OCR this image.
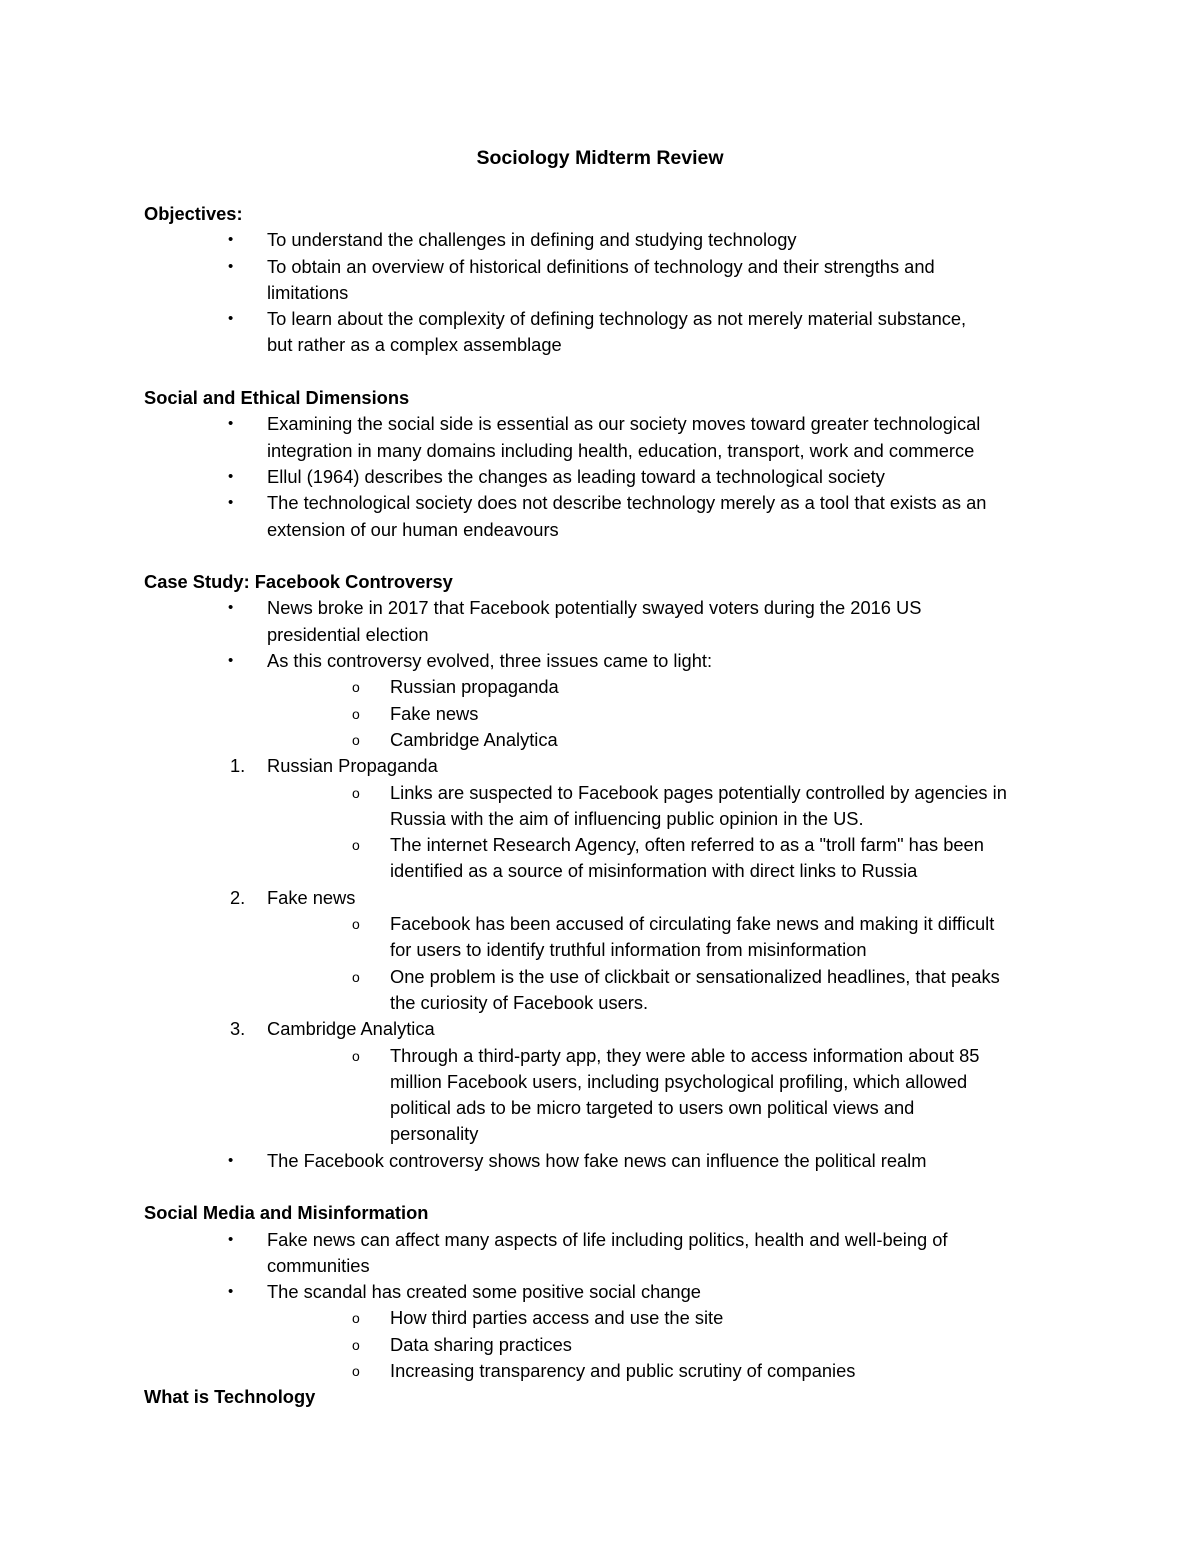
Sociology Midterm Review
Objectives:
• To understand the challenges in defining and studying technology
• To obtain an overview of historical definitions of technology and their strengths and
limitations
• To learn about the complexity of defining technology as not merely material substance,
but rather as a complex assemblage
Social and Ethical Dimensions
• Examining the social side is essential as our society moves toward greater technological
integration in many domains including health, education, transport, work and commerce
• Ellul (1964) describes the changes as leading toward a technological society
• The technological society does not describe technology merely as a tool that exists as an
extension of our human endeavours
Case Study: Facebook Controversy
• News broke in 2017 that Facebook potentially swayed voters during the 2016 US
presidential election
• As this controversy evolved, three issues came to light:
o Russian propaganda
o Fake news
o Cambridge Analytica
1. Russian Propaganda
o Links are suspected to Facebook pages potentially controlled by agencies in
Russia with the aim of influencing public opinion in the US.
o The internet Research Agency, often referred to as a "troll farm" has been
identified as a source of misinformation with direct links to Russia
2. Fake news
o Facebook has been accused of circulating fake news and making it difficult
for users to identify truthful information from misinformation
o One problem is the use of clickbait or sensationalized headlines, that peaks
the curiosity of Facebook users.
3. Cambridge Analytica
o Through a third-party app, they were able to access information about 85
million Facebook users, including psychological profiling, which allowed
political ads to be micro targeted to users own political views and
personality
• The Facebook controversy shows how fake news can influence the political realm
Social Media and Misinformation
• Fake news can affect many aspects of life including politics, health and well-being of
communities
• The scandal has created some positive social change
o How third parties access and use the site
o Data sharing practices
o Increasing transparency and public scrutiny of companies
What is Technology
